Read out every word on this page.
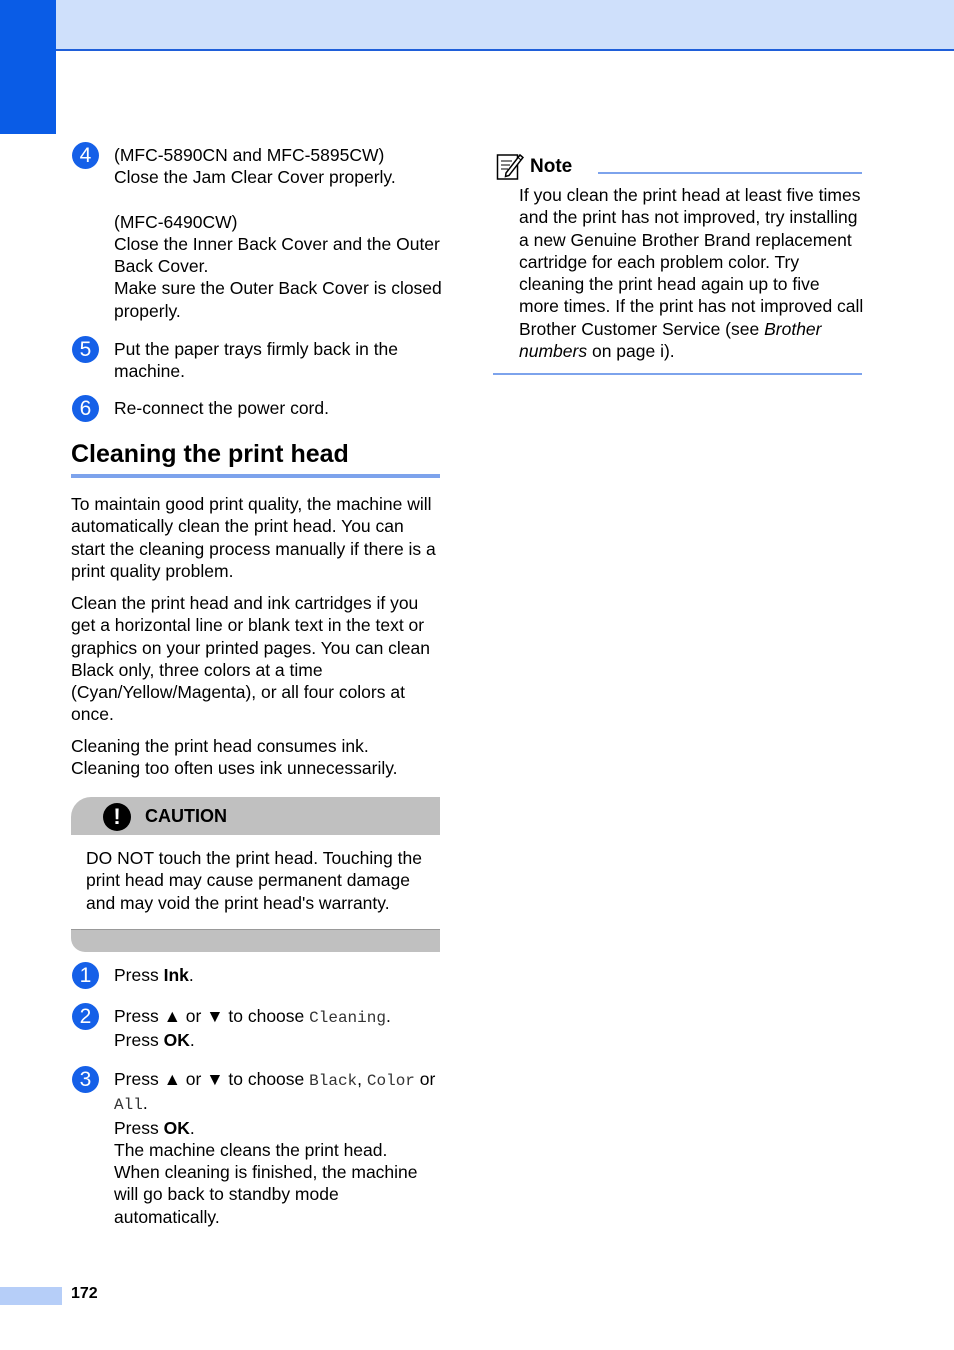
4	(MFC-5890CN and MFC-5895CW)

Close the Jam Clear Cover properly.

(MFC-6490CW)

Close the Inner Back Cover and the Outer Back Cover.

Make sure the Outer Back Cover is closed properly.

5	Put the paper trays firmly back in the machine.

6	Re-connect the power cord.

Cleaning the print head

To maintain good print quality, the machine will automatically clean the print head. You can start the cleaning process manually if there is a print quality problem.

Clean the print head and ink cartridges if you get a horizontal line or blank text in the text or graphics on your printed pages. You can clean Black only, three colors at a time (Cyan/Yellow/Magenta), or all four colors at once.

Cleaning the print head consumes ink. Cleaning too often uses ink unnecessarily.

!	CAUTION

DO NOT touch the print head. Touching the print head may cause permanent damage and may void the print head's warranty.

1	Press Ink.

2	Press ▲ or ▼ to choose Cleaning.

Press OK.

3	Press ▲ or ▼ to choose Black, Color or All.

Press OK.

The machine cleans the print head.

When cleaning is finished, the machine will go back to standby mode automatically.

Note

If you clean the print head at least five times and the print has not improved, try installing a new Genuine Brother Brand replacement cartridge for each problem color. Try cleaning the print head again up to five more times. If the print has not improved call Brother Customer Service (see Brother numbers on page i).

172
